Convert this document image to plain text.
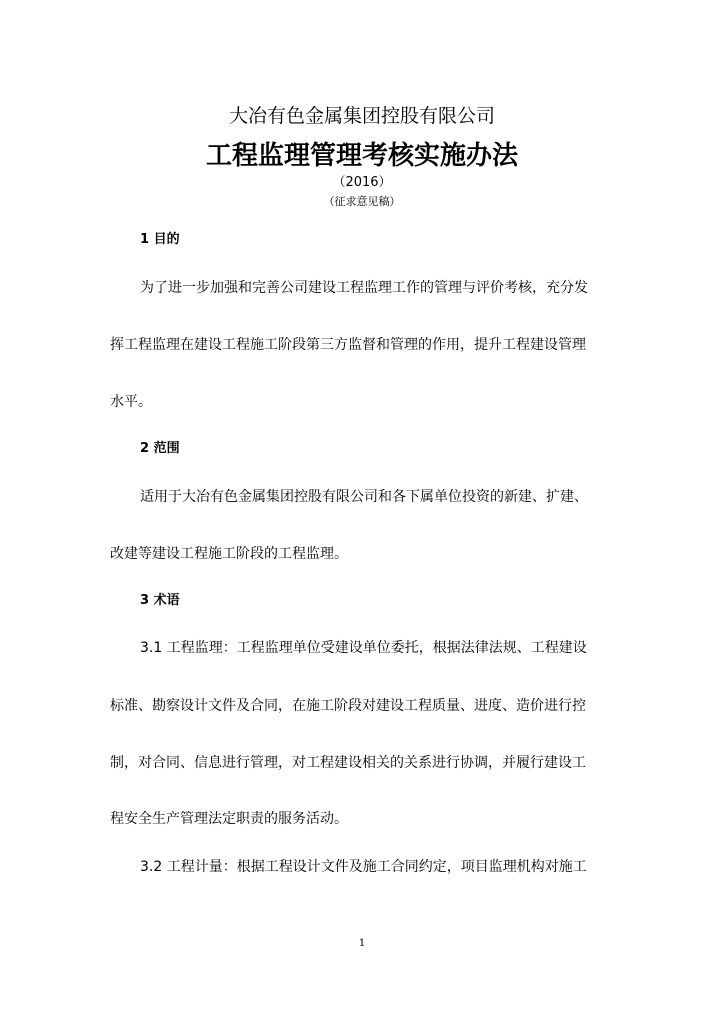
大冶有色金属集团控股有限公司
工程监理管理考核实施办法
（2016）
（征求意见稿）
1 目的
为了进一步加强和完善公司建设工程监理工作的管理与评价考核，充分发
挥工程监理在建设工程施工阶段第三方监督和管理的作用，提升工程建设管理
水平。
2 范围
适用于大冶有色金属集团控股有限公司和各下属单位投资的新建、扩建、
改建等建设工程施工阶段的工程监理。
3 术语
3.1 工程监理：工程监理单位受建设单位委托，根据法律法规、工程建设
标准、勘察设计文件及合同，在施工阶段对建设工程质量、进度、造价进行控
制，对合同、信息进行管理，对工程建设相关的关系进行协调，并履行建设工
程安全生产管理法定职责的服务活动。
3.2 工程计量：根据工程设计文件及施工合同约定，项目监理机构对施工
1
